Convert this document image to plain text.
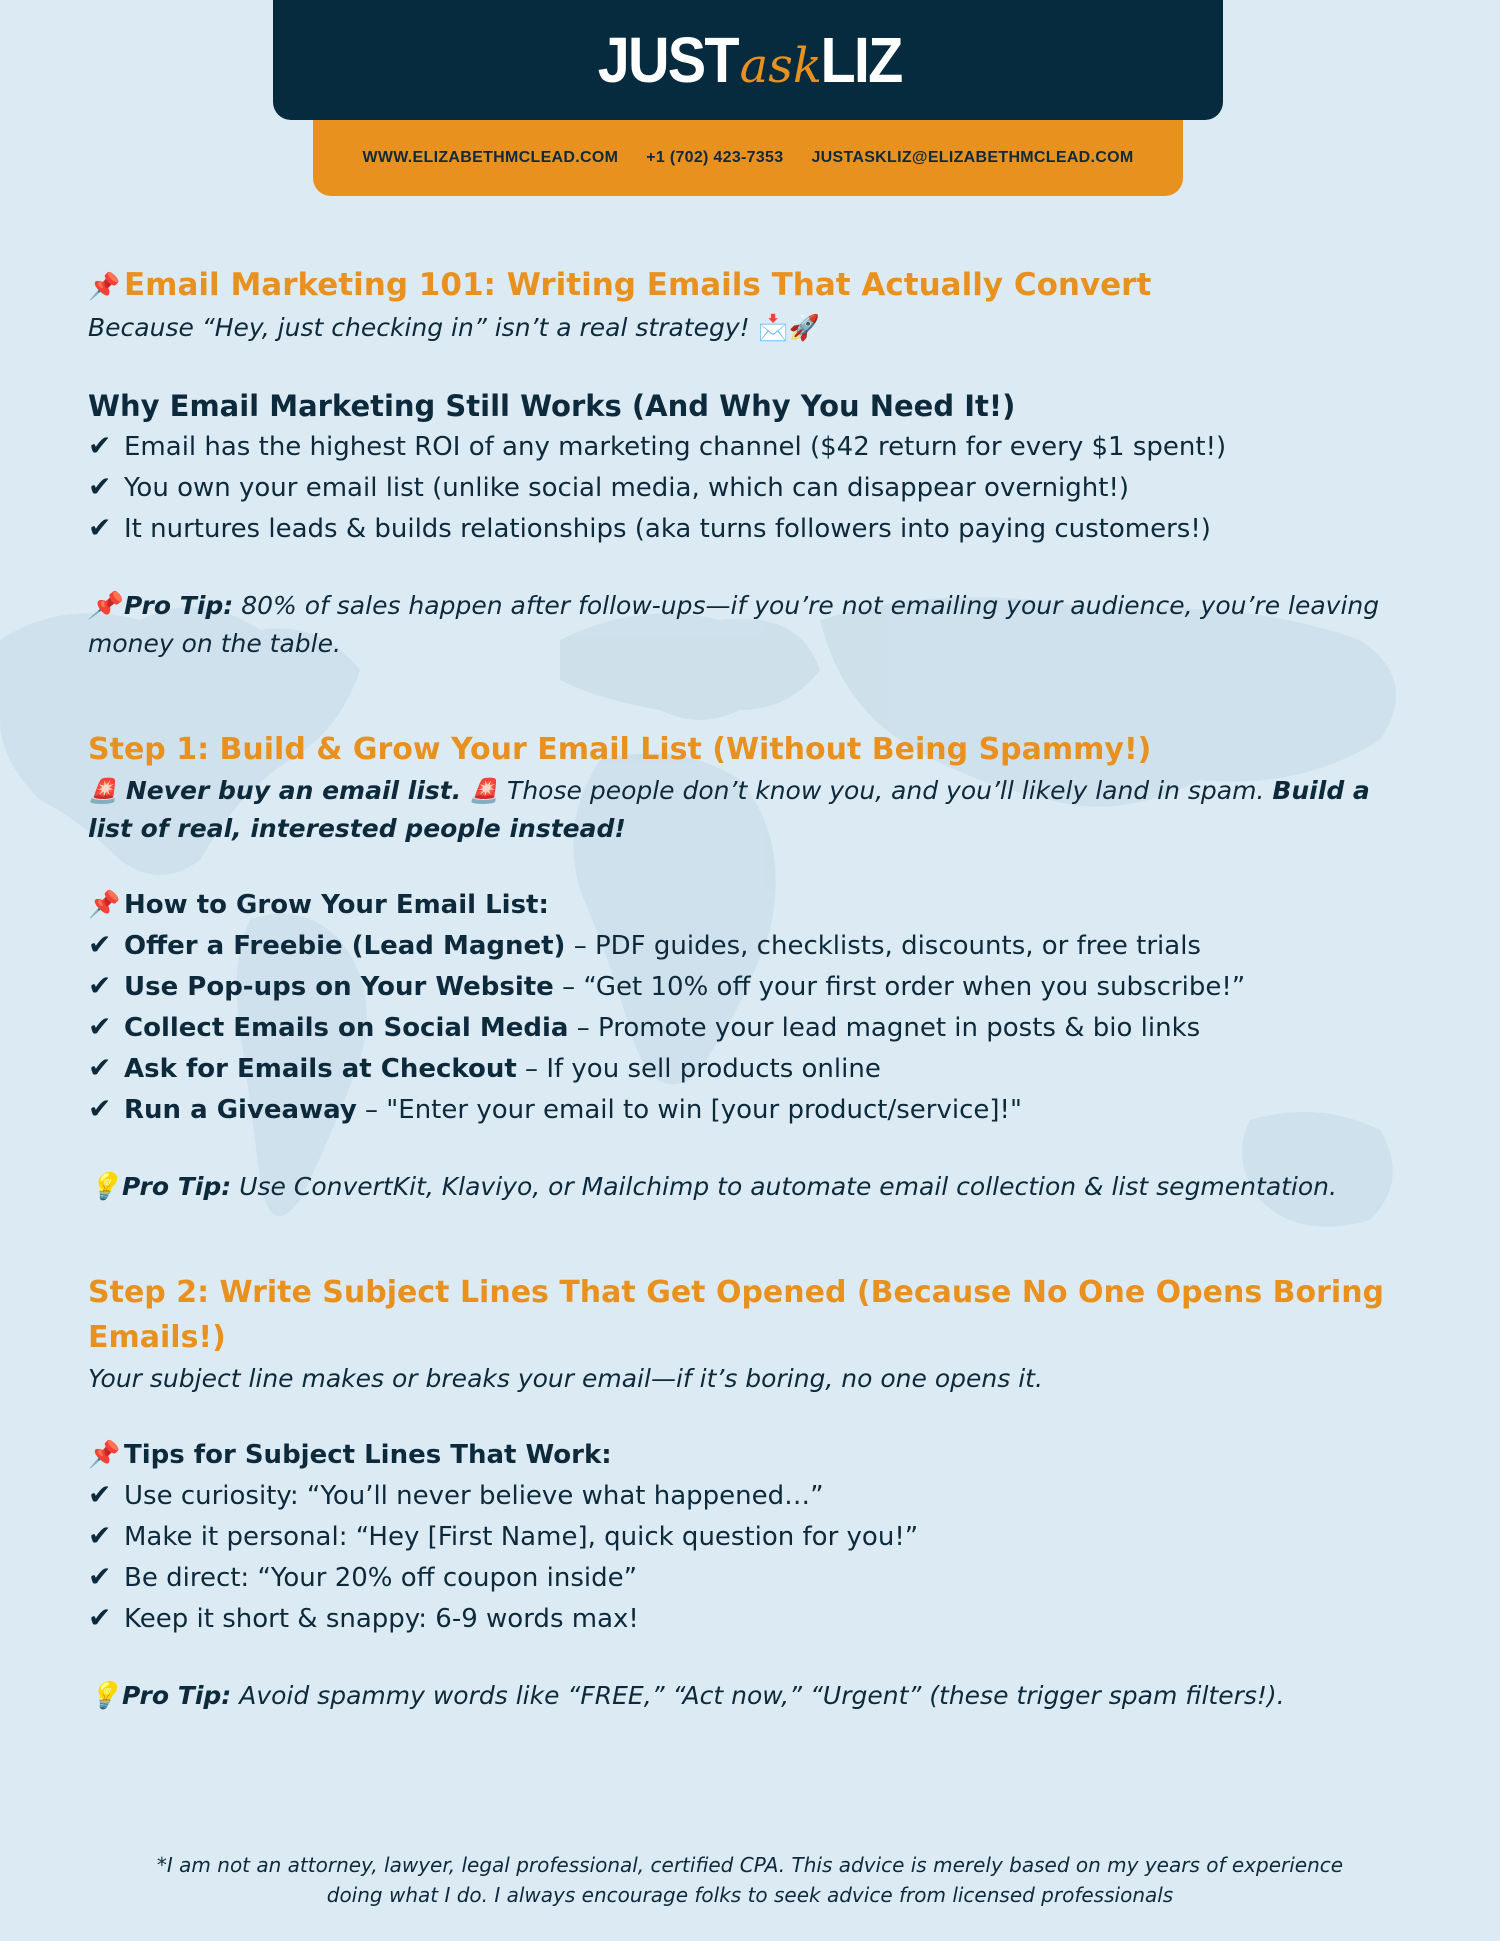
JUST ask
LIZ
WWW.ELIZABETHMCLEAD.COM +1 (702) 423-7353 JUSTASKLIZ@ELIZABETHMCLEAD.COM
📌 Email Marketing 101: Writing Emails That Actually Convert
Because “Hey, just checking in” isn’t a real strategy! 📩🚀
Why Email Marketing Still Works (And Why You Need It!)
✔ Email has the highest ROI of any marketing channel ($42 return for every $1 spent!)
✔ You own your email list (unlike social media, which can disappear overnight!)
✔ It nurtures leads & builds relationships (aka turns followers into paying customers!)
📌 Pro Tip: 80% of sales happen after follow-ups—if you’re not emailing your audience, you’re leaving money on the table.
Step 1: Build & Grow Your Email List (Without Being Spammy!)
🚨 Never buy an email list. 🚨 Those people don’t know you, and you’ll likely land in spam. Build a list of real, interested people instead!
📌 How to Grow Your Email List:
✔ Offer a Freebie (Lead Magnet) – PDF guides, checklists, discounts, or free trials
✔ Use Pop-ups on Your Website – “Get 10% off your first order when you subscribe!”
✔ Collect Emails on Social Media – Promote your lead magnet in posts & bio links
✔ Ask for Emails at Checkout – If you sell products online
✔ Run a Giveaway – "Enter your email to win [your product/service]!"
💡Pro Tip: Use ConvertKit, Klaviyo, or Mailchimp to automate email collection & list segmentation.
Step 2: Write Subject Lines That Get Opened (Because No One Opens Boring Emails!)
Your subject line makes or breaks your email—if it’s boring, no one opens it.
📌 Tips for Subject Lines That Work:
✔ Use curiosity: “You’ll never believe what happened…”
✔ Make it personal: “Hey [First Name], quick question for you!”
✔ Be direct: “Your 20% off coupon inside”
✔ Keep it short & snappy: 6-9 words max!
💡Pro Tip: Avoid spammy words like “FREE,” “Act now,” “Urgent” (these trigger spam filters!).
*I am not an attorney, lawyer, legal professional, certified CPA. This advice is merely based on my years of experience
doing what I do. I always encourage folks to seek advice from licensed professionals
